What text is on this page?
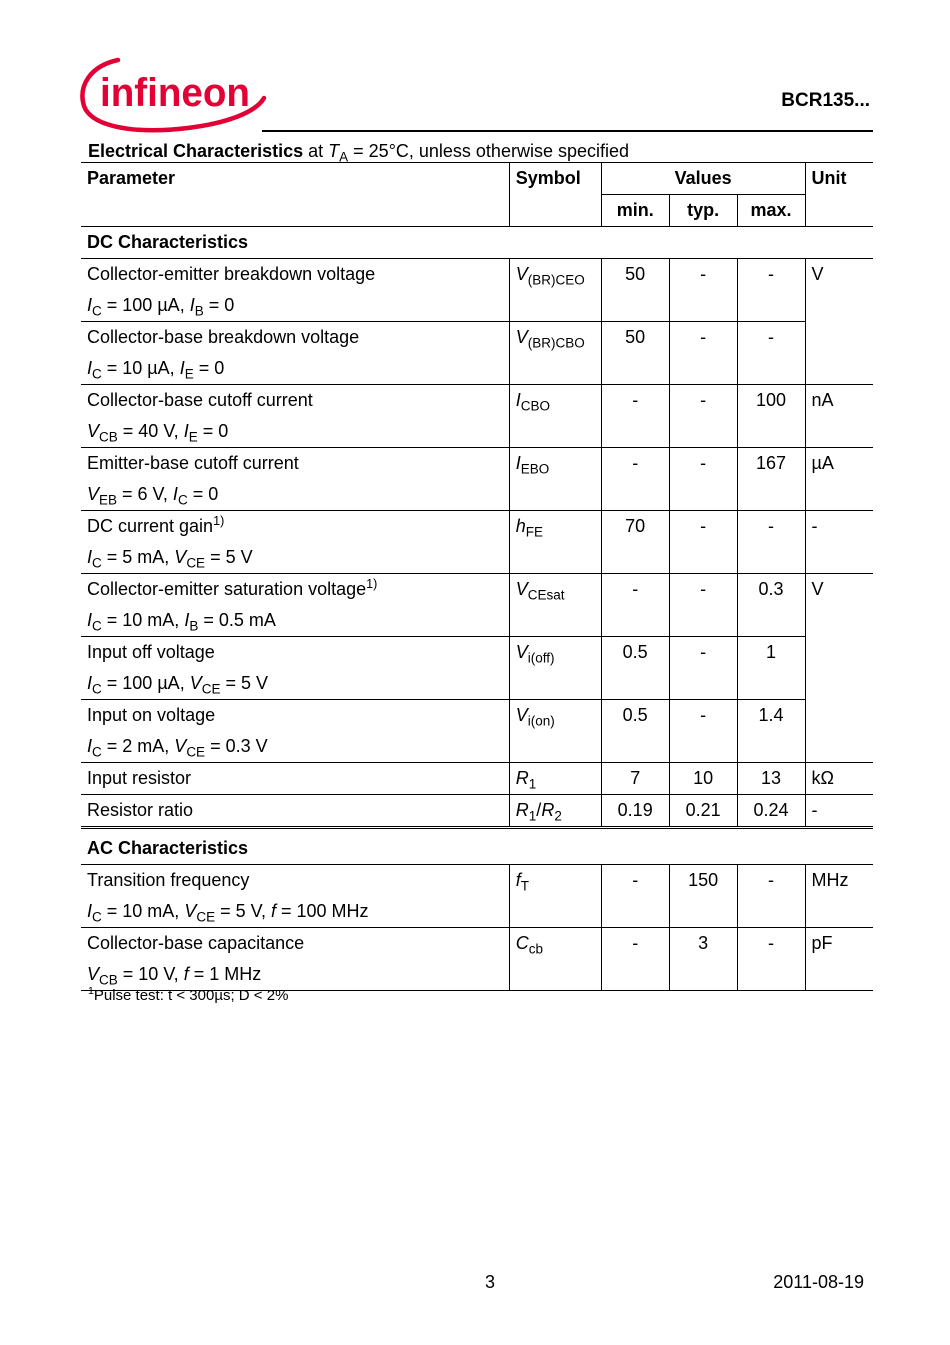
infineon	BCR135...
Electrical Characteristics at $T_A = 25^\circ C$, unless otherwise specified
Parameter	Symbol	Values			Unit
		min.	typ.	max.	
DC Characteristics					
Collector-emitter breakdown voltage
$I_C = 100$ µA, $I_B = 0$	$V_{(BR)CEO}$	50	-	-	V
Collector-base breakdown voltage
$I_C = 10$ µA, $I_E = 0$	$V_{(BR)CBO}$	50	-	-	
Collector-base cutoff current
$V_{CB} = 40$ V, $I_E = 0$	$I_{CBO}$	-	-	100	nA
Emitter-base cutoff current
$V_{EB} = 6$ V, $I_C = 0$	$I_{EBO}$	-	-	167	µA
DC current gain$^{1)}$
$I_C = 5$ mA, $V_{CE} = 5$ V	$h_{FE}$	70	-	-	-
Collector-emitter saturation voltage$^{1)}$
$I_C = 10$ mA, $I_B = 0.5$ mA	$V_{CEsat}$	-	-	0.3	V
Input off voltage
$I_C = 100$ µA, $V_{CE} = 5$ V	$V_{i(off)}$	0.5	-	1	
Input on voltage
$I_C = 2$ mA, $V_{CE} = 0.3$ V	$V_{i(on)}$	0.5	-	1.4	
Input resistor	$R_1$	7	10	13	kΩ
Resistor ratio	$R_1/R_2$	0.19	0.21	0.24	-
AC Characteristics					
Transition frequency
$I_C = 10$ mA, $V_{CE} = 5$ V, f = 100 MHz	$f_T$	-	150	-	MHz
Collector-base capacitance
$V_{CB} = 10$ V, f = 1 MHz	$C_{cb}$	-	3	-	pF
$^1$Pulse test: t < 300µs; D < 2%
3	2011-08-19
